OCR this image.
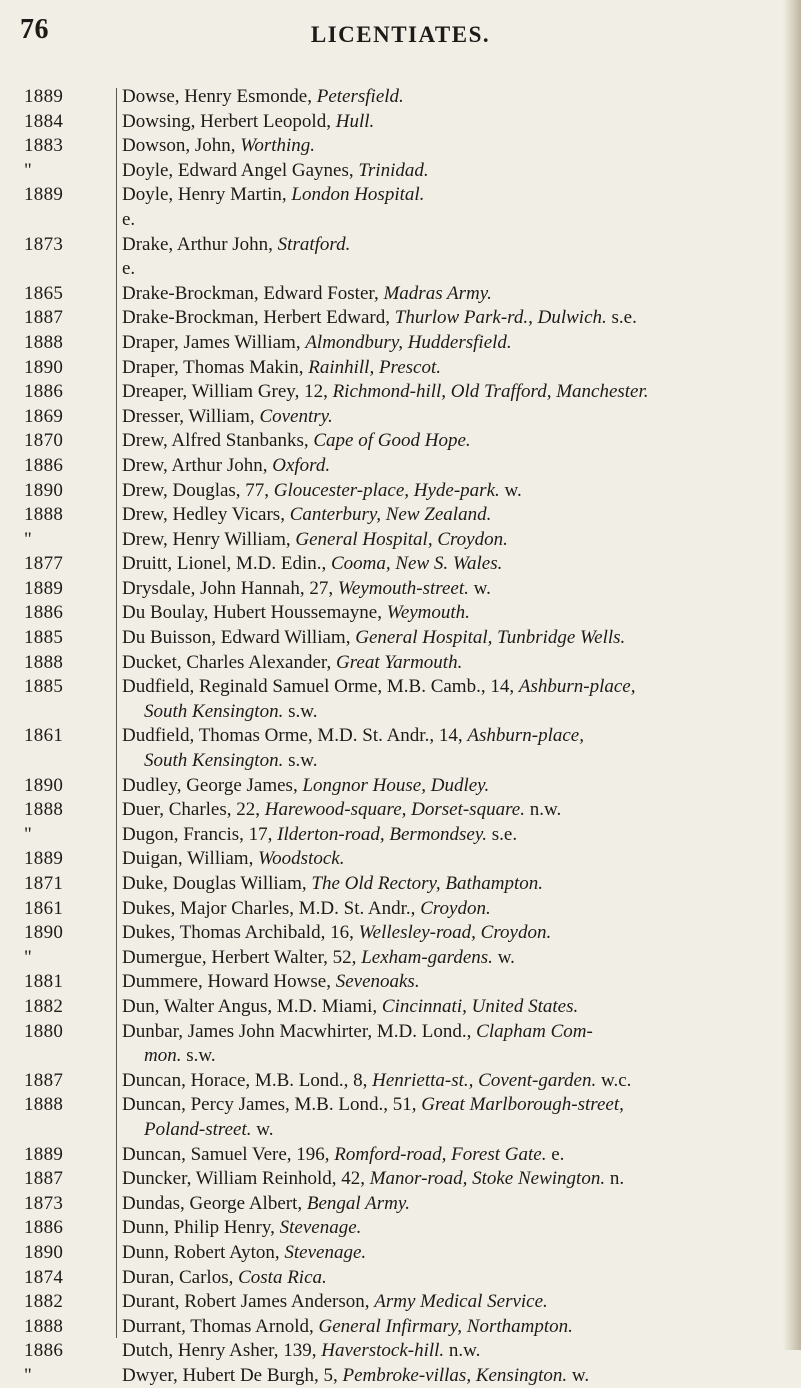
76	LICENTIATES.
1889	Dowse, Henry Esmonde, Petersfield.
1884	Dowsing, Herbert Leopold, Hull.
1883	Dowson, John, Worthing.
"	Doyle, Edward Angel Gaynes, Trinidad.
1889	Doyle, Henry Martin, London Hospital.
e.
1873	Drake, Arthur John, Stratford.
e.
1865	Drake-Brockman, Edward Foster, Madras Army.
1887	Drake-Brockman, Herbert Edward, Thurlow Park-rd., Dulwich. s.e.
1888	Draper, James William, Almondbury, Huddersfield.
1890	Draper, Thomas Makin, Rainhill, Prescot.
1886	Dreaper, William Grey, 12, Richmond-hill, Old Trafford, Manchester.
1869	Dresser, William, Coventry.
1870	Drew, Alfred Stanbanks, Cape of Good Hope.
1886	Drew, Arthur John, Oxford.
1890	Drew, Douglas, 77, Gloucester-place, Hyde-park. w.
1888	Drew, Hedley Vicars, Canterbury, New Zealand.
"	Drew, Henry William, General Hospital, Croydon.
1877	Druitt, Lionel, M.D. Edin., Cooma, New S. Wales.
1889	Drysdale, John Hannah, 27, Weymouth-street. w.
1886	Du Boulay, Hubert Houssemayne, Weymouth.
1885	Du Buisson, Edward William, General Hospital, Tunbridge Wells.
1888	Ducket, Charles Alexander, Great Yarmouth.
1885	Dudfield, Reginald Samuel Orme, M.B. Camb., 14, Ashburn-place,
South Kensington. s.w.
1861	Dudfield, Thomas Orme, M.D. St. Andr., 14, Ashburn-place,
South Kensington. s.w.
1890	Dudley, George James, Longnor House, Dudley.
1888	Duer, Charles, 22, Harewood-square, Dorset-square. n.w.
"	Dugon, Francis, 17, Ilderton-road, Bermondsey. s.e.
1889	Duigan, William, Woodstock.
1871	Duke, Douglas William, The Old Rectory, Bathampton.
1861	Dukes, Major Charles, M.D. St. Andr., Croydon.
1890	Dukes, Thomas Archibald, 16, Wellesley-road, Croydon.
"	Dumergue, Herbert Walter, 52, Lexham-gardens. w.
1881	Dummere, Howard Howse, Sevenoaks.
1882	Dun, Walter Angus, M.D. Miami, Cincinnati, United States.
1880	Dunbar, James John Macwhirter, M.D. Lond., Clapham Com-
mon. s.w.
1887	Duncan, Horace, M.B. Lond., 8, Henrietta-st., Covent-garden. w.c.
1888	Duncan, Percy James, M.B. Lond., 51, Great Marlborough-street,
Poland-street. w.
1889	Duncan, Samuel Vere, 196, Romford-road, Forest Gate. e.
1887	Duncker, William Reinhold, 42, Manor-road, Stoke Newington. n.
1873	Dundas, George Albert, Bengal Army.
1886	Dunn, Philip Henry, Stevenage.
1890	Dunn, Robert Ayton, Stevenage.
1874	Duran, Carlos, Costa Rica.
1882	Durant, Robert James Anderson, Army Medical Service.
1888	Durrant, Thomas Arnold, General Infirmary, Northampton.
1886	Dutch, Henry Asher, 139, Haverstock-hill. n.w.
"	Dwyer, Hubert De Burgh, 5, Pembroke-villas, Kensington. w.
